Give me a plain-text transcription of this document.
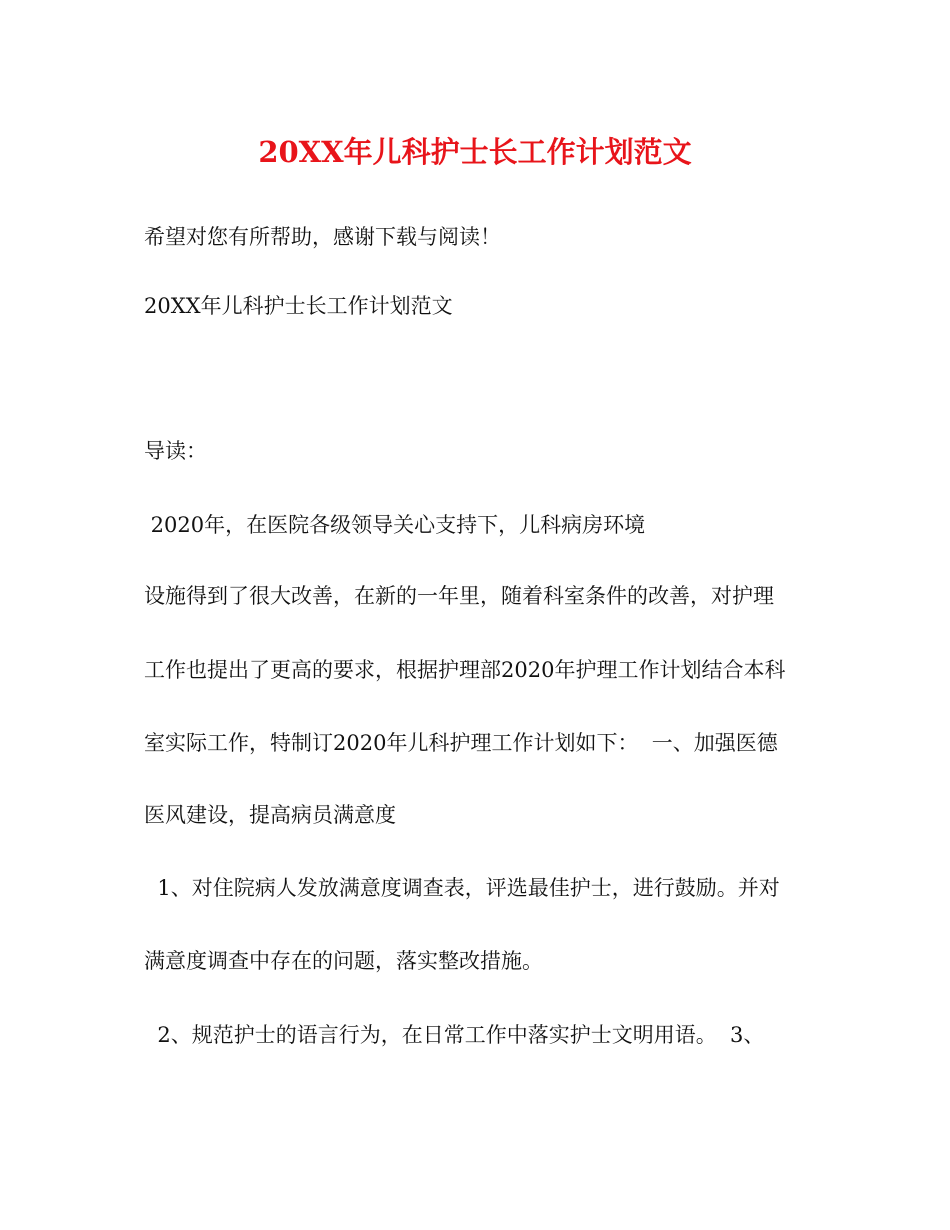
20XX年儿科护士长工作计划范文
希望对您有所帮助，感谢下载与阅读！
20XX年儿科护士长工作计划范文
导读：
2020年，在医院各级领导关心支持下，儿科病房环境
设施得到了很大改善，在新的一年里，随着科室条件的改善，对护理
工作也提出了更高的要求，根据护理部2020年护理工作计划结合本科
室实际工作，特制订2020年儿科护理工作计划如下：  一、加强医德
医风建设，提高病员满意度
1、对住院病人发放满意度调查表，评选最佳护士，进行鼓励。并对
满意度调查中存在的问题，落实整改措施。
2、规范护士的语言行为，在日常工作中落实护士文明用语。  3、
